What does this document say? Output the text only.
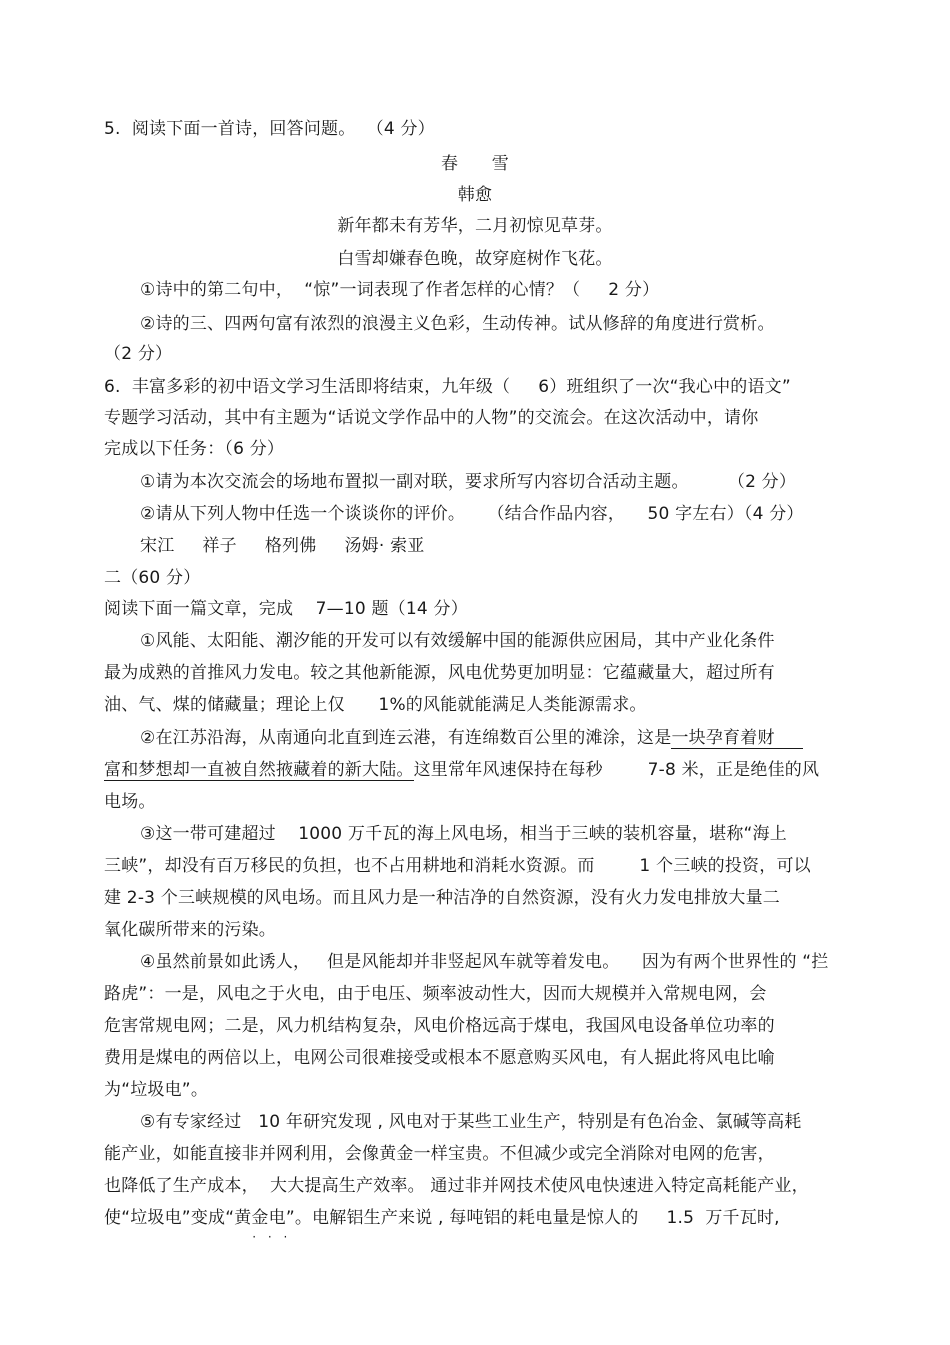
5.  阅读下面一首诗，回答问题。  （4 分）
春      雪
韩愈
新年都未有芳华，二月初惊见草芽。
白雪却嫌春色晚，故穿庭树作飞花。
①诗中的第二句中，  “惊”一词表现了作者怎样的心情？（     2 分）
②诗的三、四两句富有浓烈的浪漫主义色彩，生动传神。试从修辞的角度进行赏析。
（2 分）
6.  丰富多彩的初中语文学习生活即将结束，九年级（     6）班组织了一次“我心中的语文”
专题学习活动，其中有主题为“话说文学作品中的人物”的交流会。在这次活动中，请你
完成以下任务：（6 分）
①请为本次交流会的场地布置拟一副对联，要求所写内容切合活动主题。       （2 分）
②请从下列人物中任选一个谈谈你的评价。    （结合作品内容，    50 字左右）（4 分）
宋江     祥子     格列佛     汤姆· 索亚
二（60 分）
阅读下面一篇文章，完成    7—10 题（14 分）
①风能、太阳能、潮汐能的开发可以有效缓解中国的能源供应困局，其中产业化条件
最为成熟的首推风力发电。较之其他新能源，风电优势更加明显：它蕴藏量大，超过所有
油、气、煤的储藏量；理论上仅      1%的风能就能满足人类能源需求。
②在江苏沿海，从南通向北直到连云港，有连绵数百公里的滩涂，这是一块孕育着财
富和梦想却一直被自然掖藏着的新大陆。这里常年风速保持在每秒        7-8 米，正是绝佳的风
电场。
③这一带可建超过    1000 万千瓦的海上风电场，相当于三峡的装机容量，堪称“海上
三峡”，却没有百万移民的负担，也不占用耕地和消耗水资源。而        1 个三峡的投资，可以
建 2-3 个三峡规模的风电场。而且风力是一种洁净的自然资源，没有火力发电排放大量二
氧化碳所带来的污染。
④虽然前景如此诱人，   但是风能却并非竖起风车就等着发电。    因为有两个世界性的 “拦
路虎”：一是，风电之于火电，由于电压、频率波动性大，因而大规模并入常规电网，会
危害常规电网；二是，风力机结构复杂，风电价格远高于煤电，我国风电设备单位功率的
费用是煤电的两倍以上，电网公司很难接受或根本不愿意购买风电，有人据此将风电比喻
为“垃圾电”。
⑤有专家经过   10 年研究发现 , 风电对于某些工业生产，特别是有色冶金、氯碱等高耗
能产业，如能直接非并网利用，会像黄金一样宝贵。不但减少或完全消除对电网的危害，
也降低了生产成本，  大大提高生产效率。 通过非并网技术使风电快速进入特定高耗能产业，
使“垃圾电”变成“黄金电 · · ·”。电解铝生产来说 , 每吨铝的耗电量是惊人的     1.5  万千瓦时,
